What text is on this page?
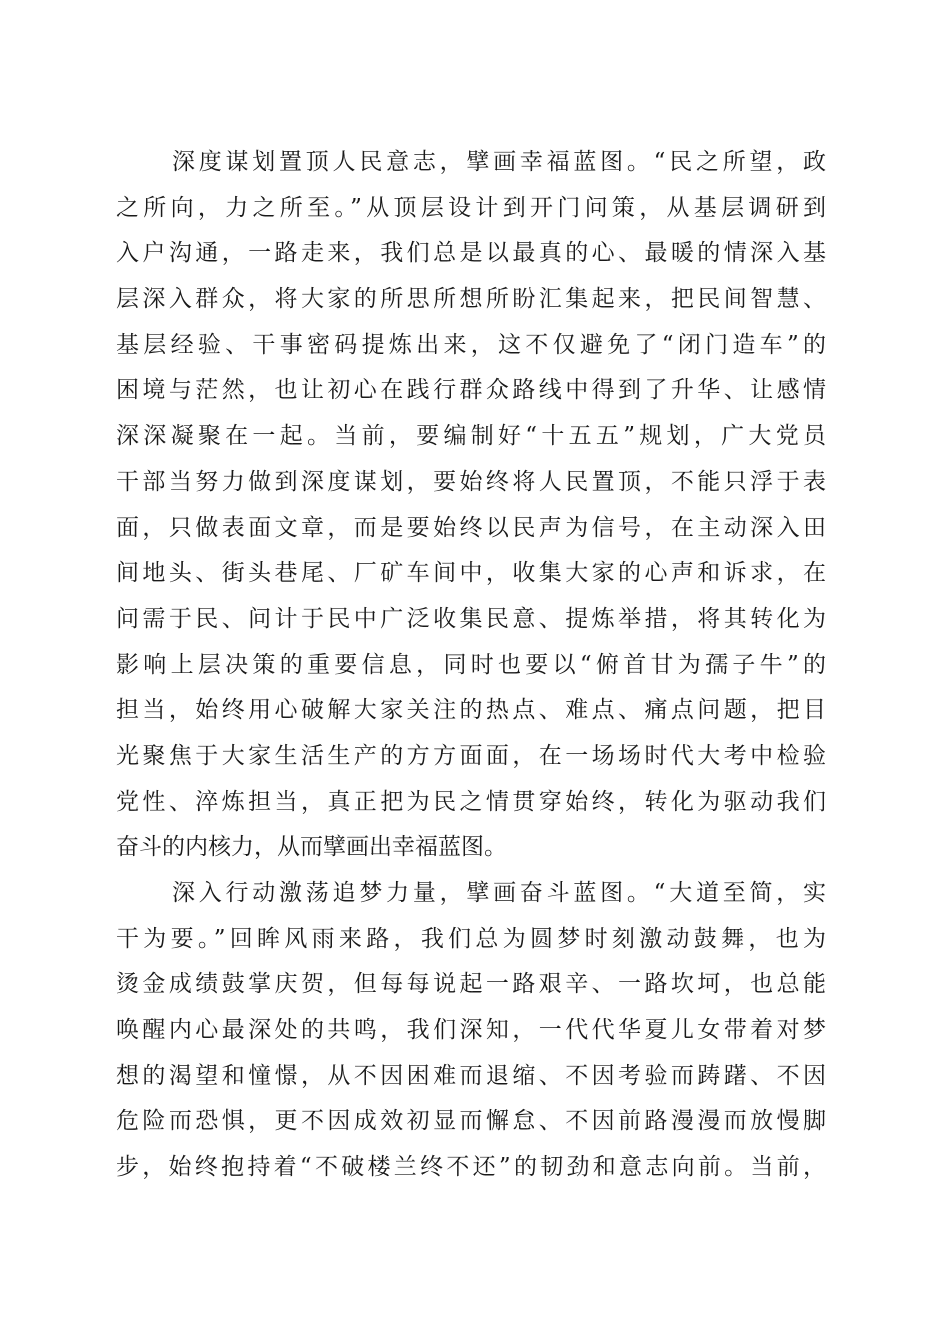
深度谋划置顶人民意志，擘画幸福蓝图。“民之所望，政
之所向，力之所至。”从顶层设计到开门问策，从基层调研到
入户沟通，一路走来，我们总是以最真的心、最暖的情深入基
层深入群众，将大家的所思所想所盼汇集起来，把民间智慧、
基层经验、干事密码提炼出来，这不仅避免了“闭门造车”的
困境与茫然，也让初心在践行群众路线中得到了升华、让感情
深深凝聚在一起。当前，要编制好“十五五”规划，广大党员
干部当努力做到深度谋划，要始终将人民置顶，不能只浮于表
面，只做表面文章，而是要始终以民声为信号，在主动深入田
间地头、街头巷尾、厂矿车间中，收集大家的心声和诉求，在
问需于民、问计于民中广泛收集民意、提炼举措，将其转化为
影响上层决策的重要信息，同时也要以“俯首甘为孺子牛”的
担当，始终用心破解大家关注的热点、难点、痛点问题，把目
光聚焦于大家生活生产的方方面面，在一场场时代大考中检验
党性、淬炼担当，真正把为民之情贯穿始终，转化为驱动我们
奋斗的内核力，从而擘画出幸福蓝图。
深入行动激荡追梦力量，擘画奋斗蓝图。“大道至简，实
干为要。”回眸风雨来路，我们总为圆梦时刻激动鼓舞，也为
烫金成绩鼓掌庆贺，但每每说起一路艰辛、一路坎坷，也总能
唤醒内心最深处的共鸣，我们深知，一代代华夏儿女带着对梦
想的渴望和憧憬，从不因困难而退缩、不因考验而踌躇、不因
危险而恐惧，更不因成效初显而懈怠、不因前路漫漫而放慢脚
步，始终抱持着“不破楼兰终不还”的韧劲和意志向前。当前，
